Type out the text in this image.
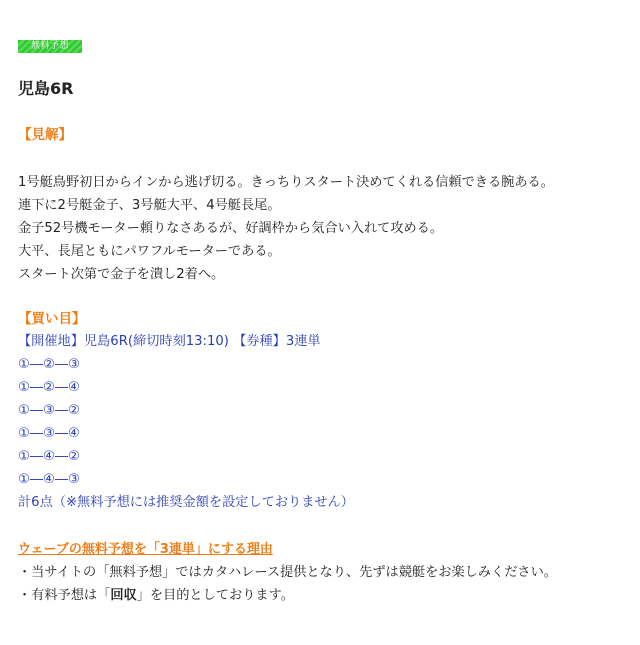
無料予想
児島6R
【見解】
1号艇鳥野初日からインから逃げ切る。きっちりスタート決めてくれる信頼できる腕ある。
連下に2号艇金子、3号艇大平、4号艇長尾。
金子52号機モーター頼りなさあるが、好調枠から気合い入れて攻める。
大平、長尾ともにパワフルモーターである。
スタート次第で金子を潰し2着へ。
【買い目】
【開催地】児島6R(締切時刻13:10) 【券種】3連単
①―②―③
①―②―④
①―③―②
①―③―④
①―④―②
①―④―③
計6点（※無料予想には推奨金額を設定しておりません）
ウェーブの無料予想を「3連単」にする理由
・当サイトの「無料予想」ではカタハレース提供となり、先ずは競艇をお楽しみください。
・有料予想は「回収」を目的としております。
